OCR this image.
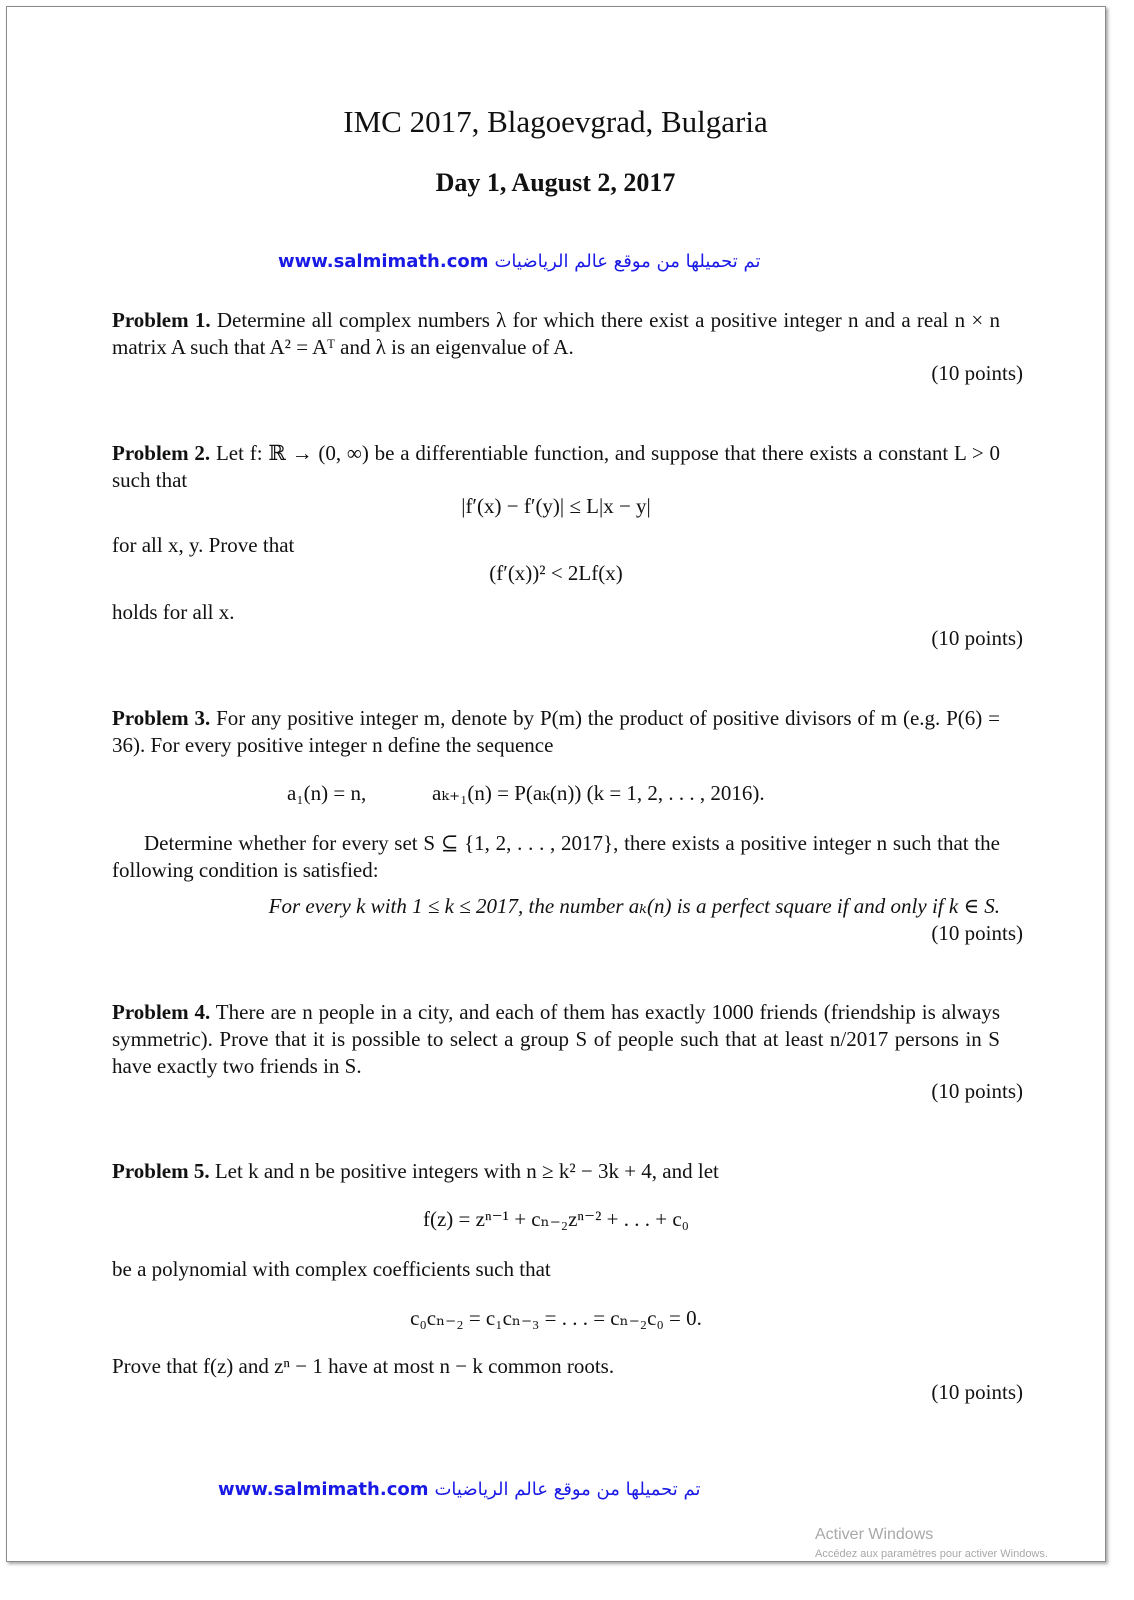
IMC 2017, Blagoevgrad, Bulgaria
Day 1, August 2, 2017
www.salmimath.com تم تحميلها من موقع عالم الرياضيات
Problem 1. Determine all complex numbers λ for which there exist a positive integer n and a real n × n matrix A such that A² = Aᵀ and λ is an eigenvalue of A.
(10 points)
Problem 2. Let f: ℝ → (0, ∞) be a differentiable function, and suppose that there exists a constant L > 0 such that
|f′(x) − f′(y)| ≤ L|x − y|
for all x, y. Prove that
(f′(x))² < 2Lf(x)
holds for all x.
(10 points)
Problem 3. For any positive integer m, denote by P(m) the product of positive divisors of m (e.g. P(6) = 36). For every positive integer n define the sequence
a₁(n) = n,	aₖ₊₁(n) = P(aₖ(n)) (k = 1, 2, . . . , 2016).
Determine whether for every set S ⊆ {1, 2, . . . , 2017}, there exists a positive integer n such that the following condition is satisfied:
For every k with 1 ≤ k ≤ 2017, the number aₖ(n) is a perfect square if and only if k ∈ S.
(10 points)
Problem 4. There are n people in a city, and each of them has exactly 1000 friends (friendship is always symmetric). Prove that it is possible to select a group S of people such that at least n/2017 persons in S have exactly two friends in S.
(10 points)
Problem 5. Let k and n be positive integers with n ≥ k² − 3k + 4, and let
f(z) = zⁿ⁻¹ + cₙ₋₂zⁿ⁻² + . . . + c₀
be a polynomial with complex coefficients such that
c₀cₙ₋₂ = c₁cₙ₋₃ = . . . = cₙ₋₂c₀ = 0.
Prove that f(z) and zⁿ − 1 have at most n − k common roots.
(10 points)
www.salmimath.com تم تحميلها من موقع عالم الرياضيات
Activer Windows
Accédez aux paramètres pour activer Windows.
